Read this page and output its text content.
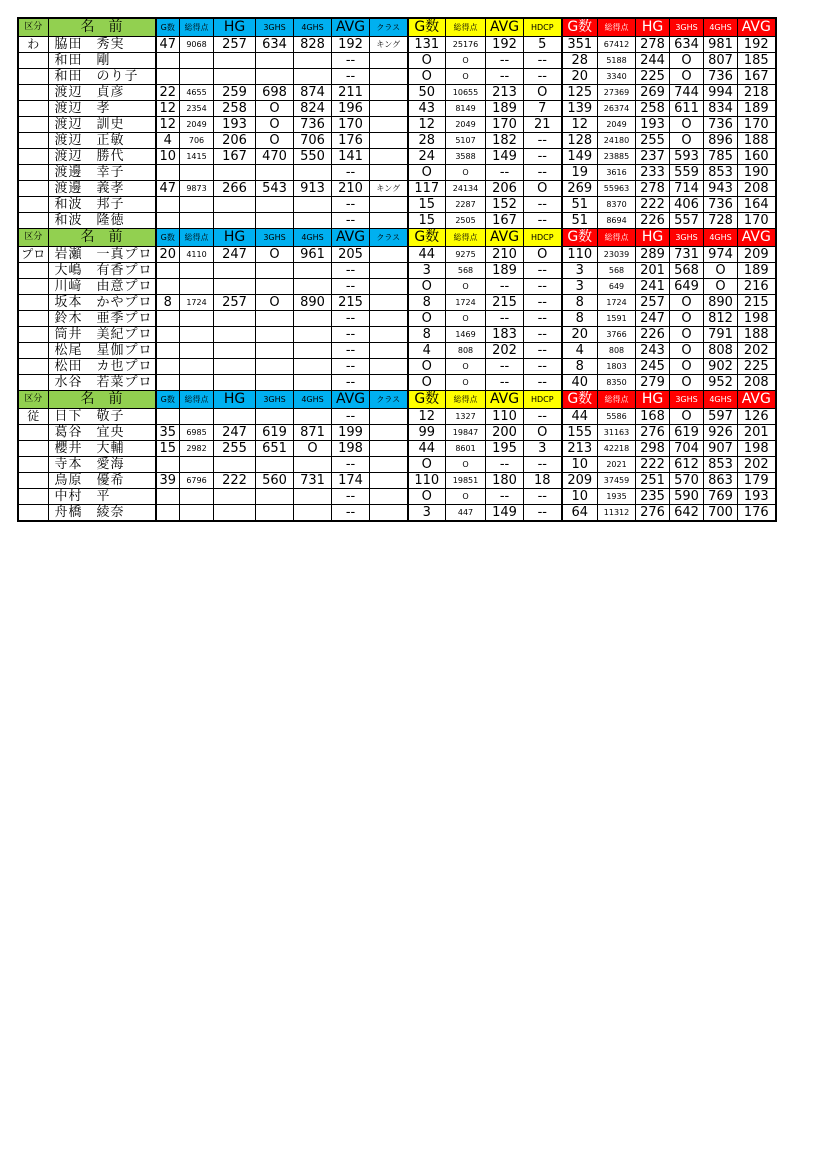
区分	名　前	G数	総得点	HG	3GHS	4GHS	AVG	クラス	G数	総得点	AVG	HDCP	G数	総得点	HG	3GHS	4GHS	AVG
わ	脇田　秀実	47	9068	257	634	828	192	キング	131	25176	192	5	351	67412	278	634	981	192
	和田　剛						--		O	O	--	--	28	5188	244	O	807	185
	和田　のり子						--		O	O	--	--	20	3340	225	O	736	167
	渡辺　貞彦	22	4655	259	698	874	211		50	10655	213	O	125	27369	269	744	994	218
	渡辺　孝	12	2354	258	O	824	196		43	8149	189	7	139	26374	258	611	834	189
	渡辺　訓史	12	2049	193	O	736	170		12	2049	170	21	12	2049	193	O	736	170
	渡辺　正敏	4	706	206	O	706	176		28	5107	182	--	128	24180	255	O	896	188
	渡辺　勝代	10	1415	167	470	550	141		24	3588	149	--	149	23885	237	593	785	160
	渡邊　幸子						--		O	O	--	--	19	3616	233	559	853	190
	渡邊　義孝	47	9873	266	543	913	210	キング	117	24134	206	O	269	55963	278	714	943	208
	和波　邦子						--		15	2287	152	--	51	8370	222	406	736	164
	和波　隆徳						--		15	2505	167	--	51	8694	226	557	728	170
区分	名　前	G数	総得点	HG	3GHS	4GHS	AVG	クラス	G数	総得点	AVG	HDCP	G数	総得点	HG	3GHS	4GHS	AVG
プロ	岩瀬　一真プロ	20	4110	247	O	961	205		44	9275	210	O	110	23039	289	731	974	209
	大嶋　有香プロ						--		3	568	189	--	3	568	201	568	O	189
	川﨑　由意プロ						--		O	O	--	--	3	649	241	649	O	216
	坂本　かやプロ	8	1724	257	O	890	215		8	1724	215	--	8	1724	257	O	890	215
	鈴木　亜季プロ						--		O	O	--	--	8	1591	247	O	812	198
	筒井　美紀プロ						--		8	1469	183	--	20	3766	226	O	791	188
	松尾　星伽プロ						--		4	808	202	--	4	808	243	O	808	202
	松田　カ也プロ						--		O	O	--	--	8	1803	245	O	902	225
	水谷　若菜プロ						--		O	O	--	--	40	8350	279	O	952	208
区分	名　前	G数	総得点	HG	3GHS	4GHS	AVG	クラス	G数	総得点	AVG	HDCP	G数	総得点	HG	3GHS	4GHS	AVG
従	日下　敬子						--		12	1327	110	--	44	5586	168	O	597	126
	葛谷　宜央	35	6985	247	619	871	199		99	19847	200	O	155	31163	276	619	926	201
	櫻井　大輔	15	2982	255	651	O	198		44	8601	195	3	213	42218	298	704	907	198
	寺本　愛海						--		O	O	--	--	10	2021	222	612	853	202
	鳥原　優希	39	6796	222	560	731	174		110	19851	180	18	209	37459	251	570	863	179
	中村　平						--		O	O	--	--	10	1935	235	590	769	193
	舟橋　綾奈						--		3	447	149	--	64	11312	276	642	700	176
